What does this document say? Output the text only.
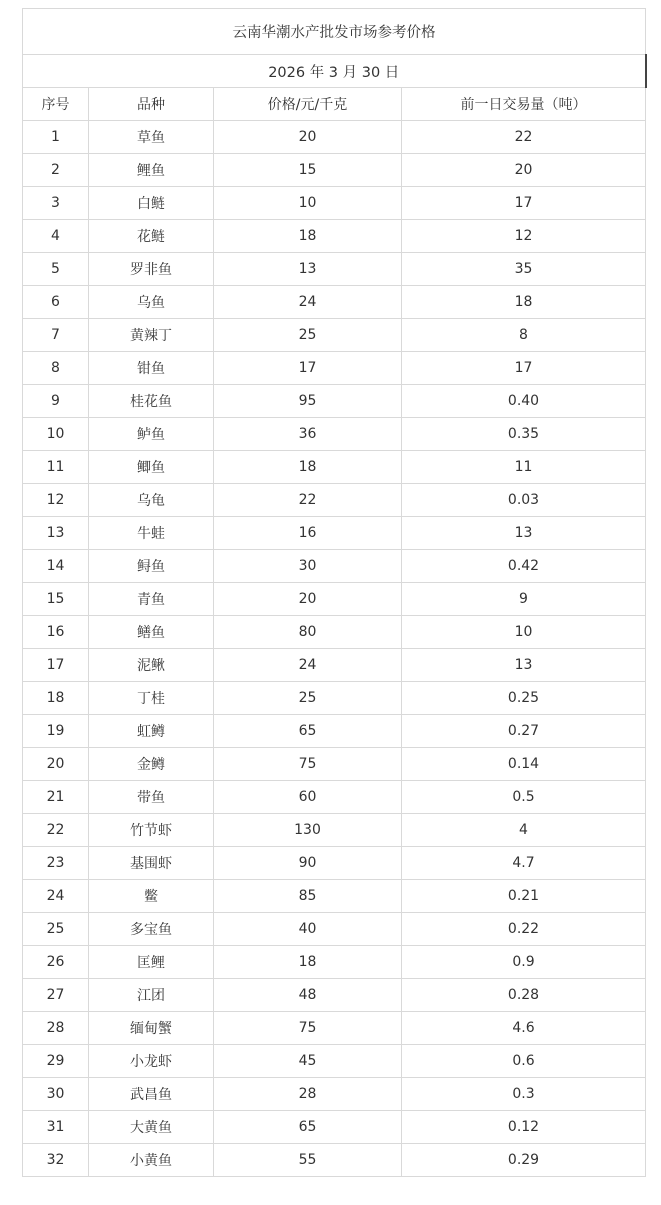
云南华潮水产批发市场参考价格			
2026 年 3 月 30 日			
序号	品种	价格/元/千克	前一日交易量（吨）
1	草鱼	20	22
2	鲤鱼	15	20
3	白鲢	10	17
4	花鲢	18	12
5	罗非鱼	13	35
6	乌鱼	24	18
7	黄辣丁	25	8
8	钳鱼	17	17
9	桂花鱼	95	0.40
10	鲈鱼	36	0.35
11	鲫鱼	18	11
12	乌龟	22	0.03
13	牛蛙	16	13
14	鲟鱼	30	0.42
15	青鱼	20	9
16	鳝鱼	80	10
17	泥鳅	24	13
18	丁桂	25	0.25
19	虹鳟	65	0.27
20	金鳟	75	0.14
21	带鱼	60	0.5
22	竹节虾	130	4
23	基围虾	90	4.7
24	鳖	85	0.21
25	多宝鱼	40	0.22
26	匡鲤	18	0.9
27	江团	48	0.28
28	缅甸蟹	75	4.6
29	小龙虾	45	0.6
30	武昌鱼	28	0.3
31	大黄鱼	65	0.12
32	小黄鱼	55	0.29
